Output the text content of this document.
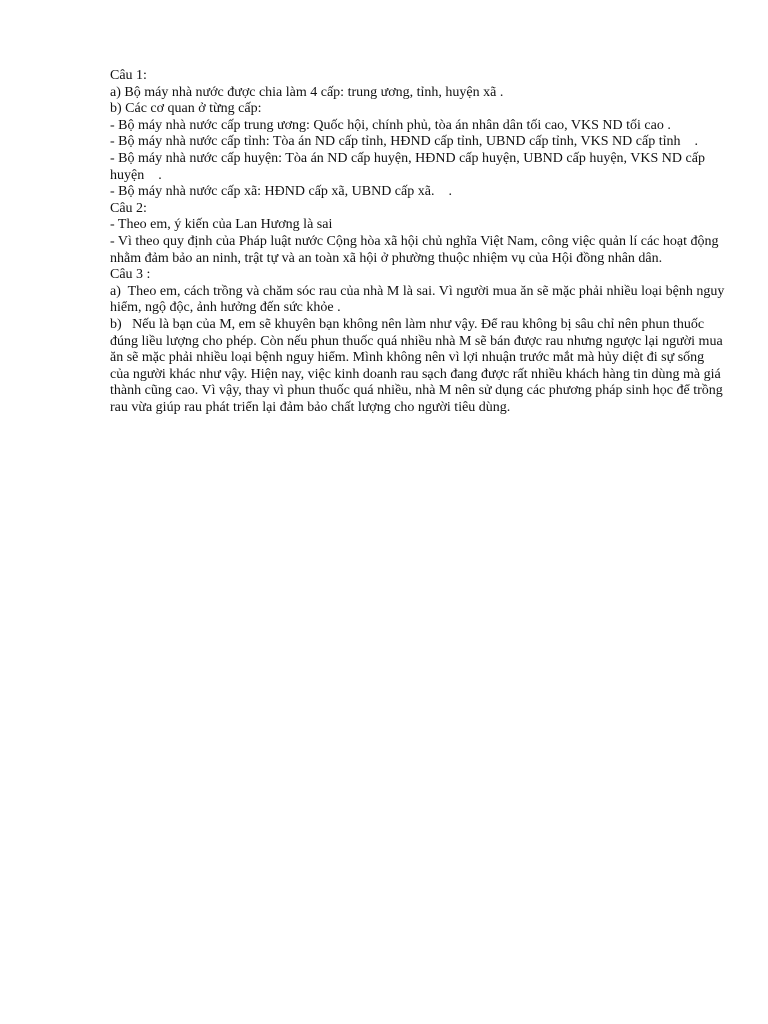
Câu 1:

a) Bộ máy nhà nước được chia làm 4 cấp: trung ương, tỉnh, huyện xã .

b) Các cơ quan ở từng cấp:

- Bộ máy nhà nước cấp trung ương: Quốc hội, chính phủ, tòa án nhân dân tối cao, VKS ND tối cao .

- Bộ máy nhà nước cấp tỉnh: Tòa án ND cấp tỉnh, HĐND cấp tỉnh, UBND cấp tỉnh, VKS ND cấp tỉnh    .

- Bộ máy nhà nước cấp huyện: Tòa án ND cấp huyện, HĐND cấp huyện, UBND cấp huyện, VKS ND cấp huyện    .

- Bộ máy nhà nước cấp xã: HĐND cấp xã, UBND cấp xã.    .

Câu 2:

- Theo em, ý kiến của Lan Hương là sai

- Vì theo quy định của Pháp luật nước Cộng hòa xã hội chủ nghĩa Việt Nam, công việc quản lí các hoạt động nhằm đảm bảo an ninh, trật tự và an toàn xã hội ở phường thuộc nhiệm vụ của Hội đồng nhân dân.

Câu 3 :

a)  Theo em, cách trồng và chăm sóc rau của nhà M là sai. Vì người mua ăn sẽ mặc phải nhiều loại bệnh nguy hiểm, ngộ độc, ảnh hưởng đến sức khỏe .

b)   Nếu là bạn của M, em sẽ khuyên bạn không nên làm như vậy. Để rau không bị sâu chỉ nên phun thuốc đúng liều lượng cho phép. Còn nếu phun thuốc quá nhiều nhà M sẽ bán được rau nhưng ngược lại người mua ăn sẽ mặc phải nhiều loại bệnh nguy hiểm. Mình không nên vì lợi nhuận trước mắt mà hủy diệt đi sự sống của người khác như vậy. Hiện nay, việc kinh doanh rau sạch đang được rất nhiều khách hàng tin dùng mà giá thành cũng cao. Vì vậy, thay vì phun thuốc quá nhiều, nhà M nên sử dụng các phương pháp sinh học để trồng rau vừa giúp rau phát triển lại đảm bảo chất lượng cho người tiêu dùng.
